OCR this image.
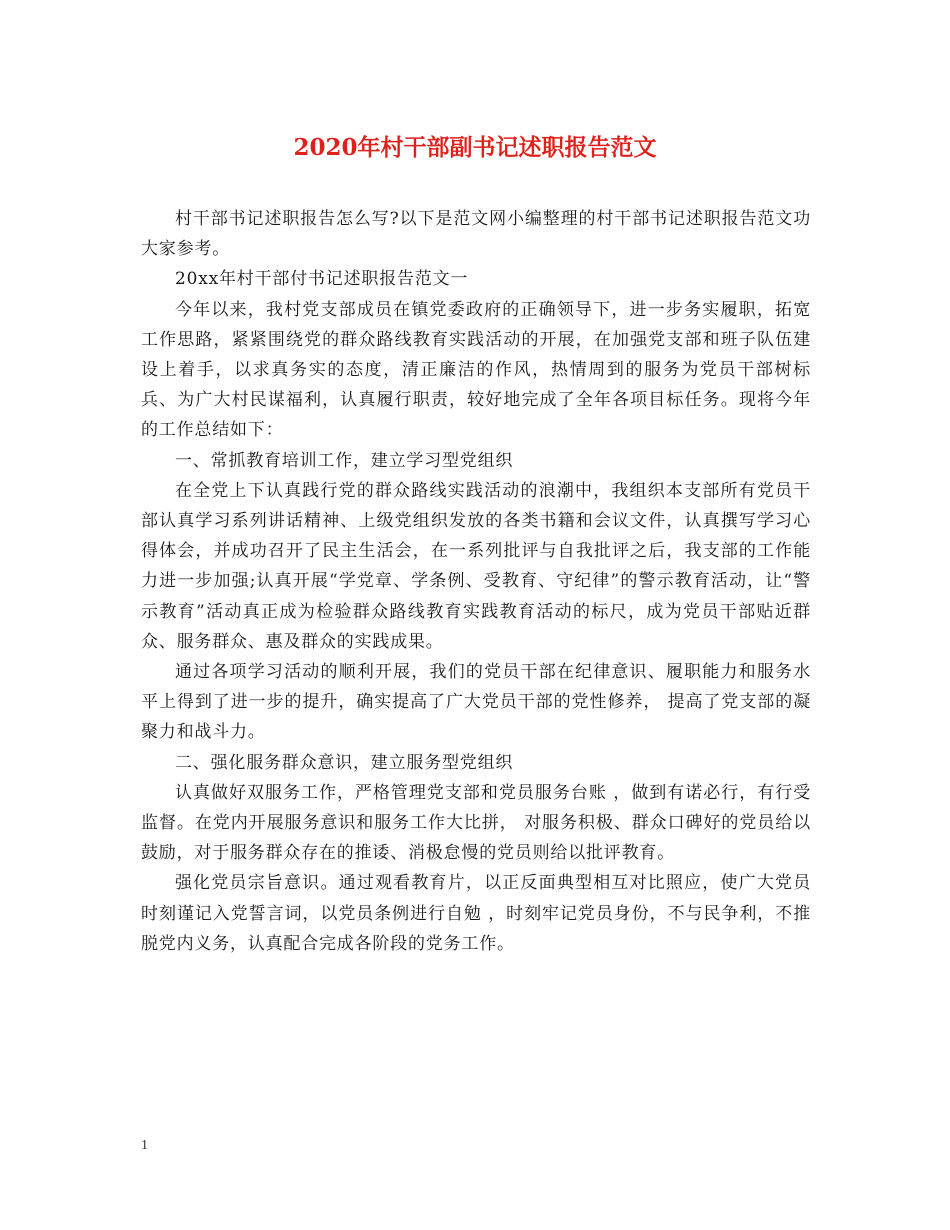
2020年村干部副书记述职报告范文

村干部书记述职报告怎么写?以下是范文网小编整理的村干部书记述职报告范文功大家参考。

20xx年村干部付书记述职报告范文一

今年以来，我村党支部成员在镇党委政府的正确领导下，进一步务实履职，拓宽工作思路，紧紧围绕党的群众路线教育实践活动的开展，在加强党支部和班子队伍建设上着手，以求真务实的态度，清正廉洁的作风，热情周到的服务为党员干部树标兵、为广大村民谋福利，认真履行职责，较好地完成了全年各项目标任务。现将今年的工作总结如下：

一、常抓教育培训工作，建立学习型党组织

在全党上下认真践行党的群众路线实践活动的浪潮中，我组织本支部所有党员干部认真学习系列讲话精神、上级党组织发放的各类书籍和会议文件，认真撰写学习心得体会，并成功召开了民主生活会，在一系列批评与自我批评之后，我支部的工作能力进一步加强;认真开展“学党章、学条例、受教育、守纪律”的警示教育活动，让“警示教育”活动真正成为检验群众路线教育实践教育活动的标尺，成为党员干部贴近群众、服务群众、惠及群众的实践成果。

通过各项学习活动的顺利开展，我们的党员干部在纪律意识、履职能力和服务水平上得到了进一步的提升，确实提高了广大党员干部的党性修养， 提高了党支部的凝聚力和战斗力。

二、强化服务群众意识，建立服务型党组织

认真做好双服务工作，严格管理党支部和党员服务台账 ，做到有诺必行，有行受监督。在党内开展服务意识和服务工作大比拼， 对服务积极、群众口碑好的党员给以鼓励，对于服务群众存在的推诿、消极怠慢的党员则给以批评教育。

强化党员宗旨意识。通过观看教育片，以正反面典型相互对比照应，使广大党员时刻谨记入党誓言词，以党员条例进行自勉 ，时刻牢记党员身份，不与民争利，不推脱党内义务，认真配合完成各阶段的党务工作。

1
